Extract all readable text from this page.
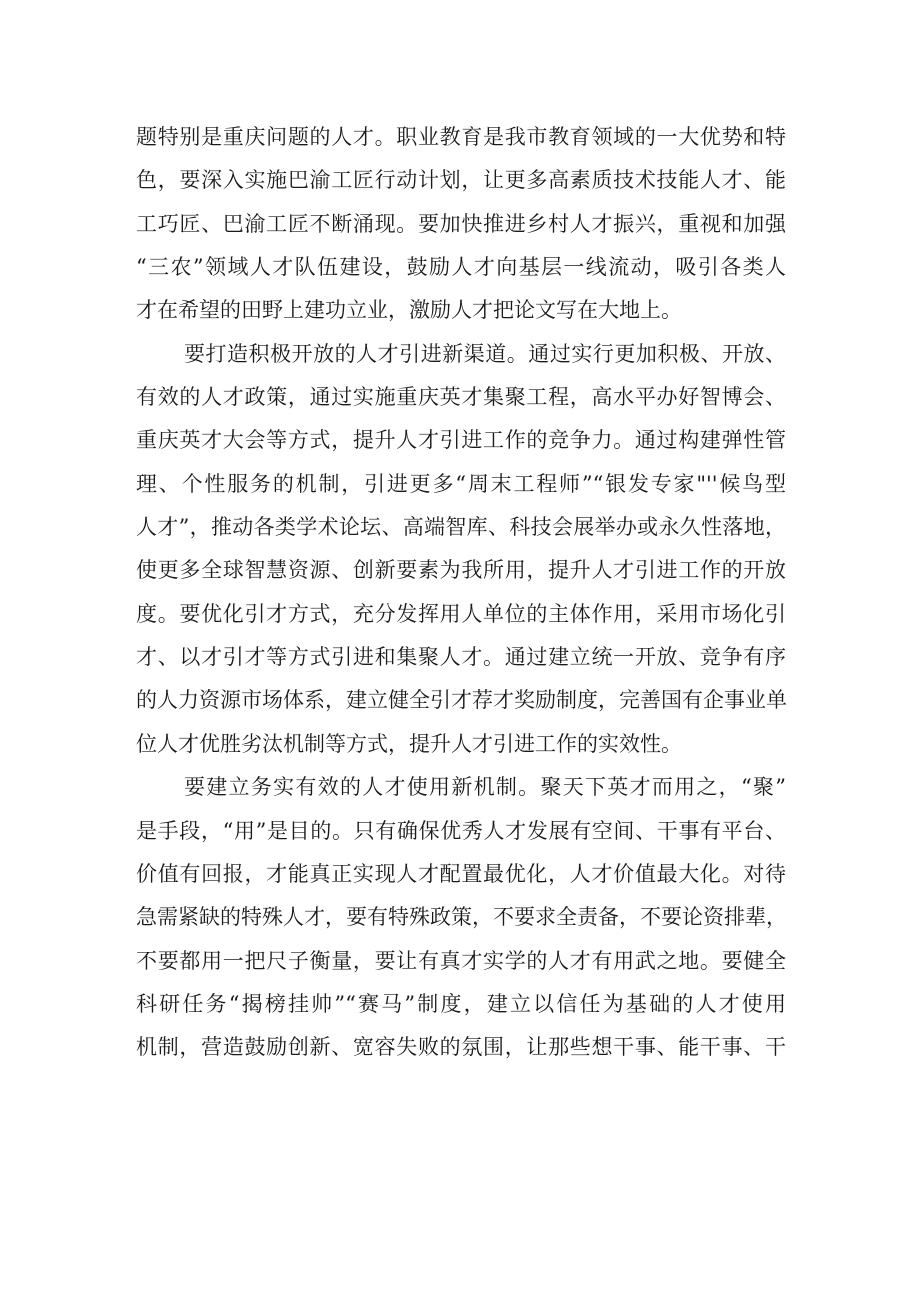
题特别是重庆问题的人才。职业教育是我市教育领域的一大优势和特
色，要深入实施巴渝工匠行动计划，让更多高素质技术技能人才、能
工巧匠、巴渝工匠不断涌现。要加快推进乡村人才振兴，重视和加强
“三农”领域人才队伍建设，鼓励人才向基层一线流动，吸引各类人
才在希望的田野上建功立业，激励人才把论文写在大地上。
要打造积极开放的人才引进新渠道。通过实行更加积极、开放、
有效的人才政策，通过实施重庆英才集聚工程，高水平办好智博会、
重庆英才大会等方式，提升人才引进工作的竞争力。通过构建弹性管
理、个性服务的机制，引进更多“周末工程师”“银发专家"''候鸟型
人才”，推动各类学术论坛、高端智库、科技会展举办或永久性落地，
使更多全球智慧资源、创新要素为我所用，提升人才引进工作的开放
度。要优化引才方式，充分发挥用人单位的主体作用，采用市场化引
才、以才引才等方式引进和集聚人才。通过建立统一开放、竞争有序
的人力资源市场体系，建立健全引才荐才奖励制度，完善国有企事业单
位人才优胜劣汰机制等方式，提升人才引进工作的实效性。
要建立务实有效的人才使用新机制。聚天下英才而用之，“聚”
是手段，“用”是目的。只有确保优秀人才发展有空间、干事有平台、
价值有回报，才能真正实现人才配置最优化，人才价值最大化。对待
急需紧缺的特殊人才，要有特殊政策，不要求全责备，不要论资排辈，
不要都用一把尺子衡量，要让有真才实学的人才有用武之地。要健全
科研任务“揭榜挂帅”“赛马”制度，建立以信任为基础的人才使用
机制，营造鼓励创新、宽容失败的氛围，让那些想干事、能干事、干
